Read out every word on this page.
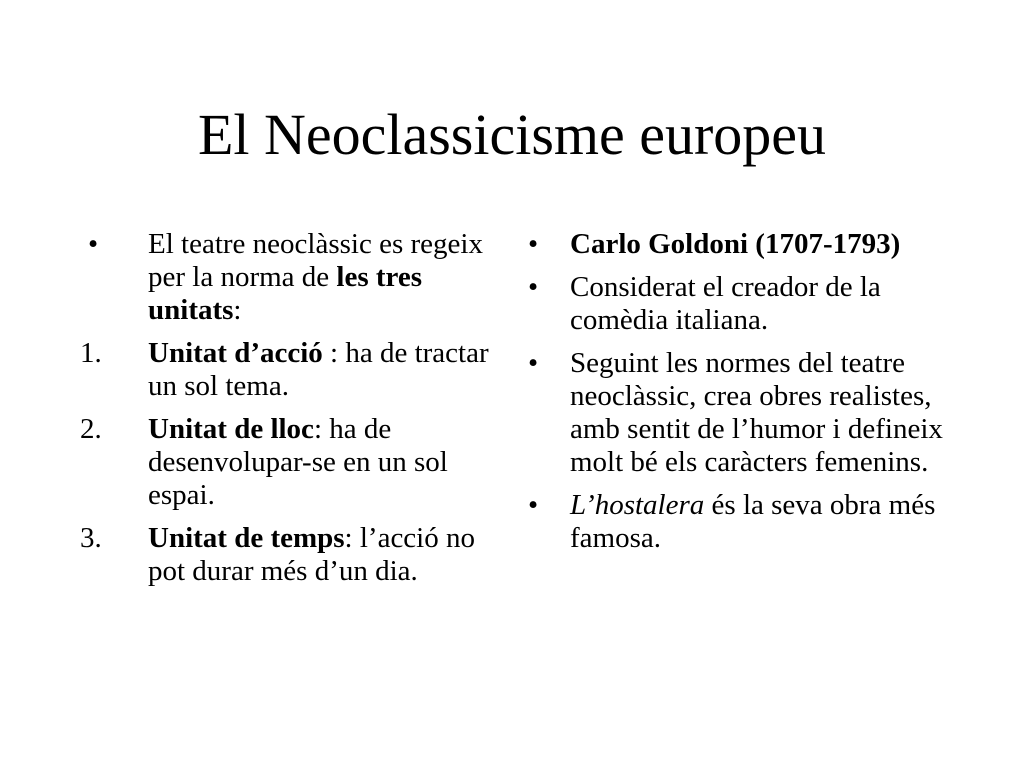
El Neoclassicisme europeu
• El teatre neoclàssic es regeix per la norma de les tres unitats:
1. Unitat d’acció : ha de tractar un sol tema.
2. Unitat de lloc: ha de desenvolupar-se en un sol espai.
3. Unitat de temps: l’acció no pot durar més d’un dia.
• Carlo Goldoni (1707-1793)
• Considerat el creador de la comèdia italiana.
• Seguint les normes del teatre neoclàssic, crea obres realistes, amb sentit de l’humor i defineix molt bé els caràcters femenins.
• L’hostalera és la seva obra més famosa.
